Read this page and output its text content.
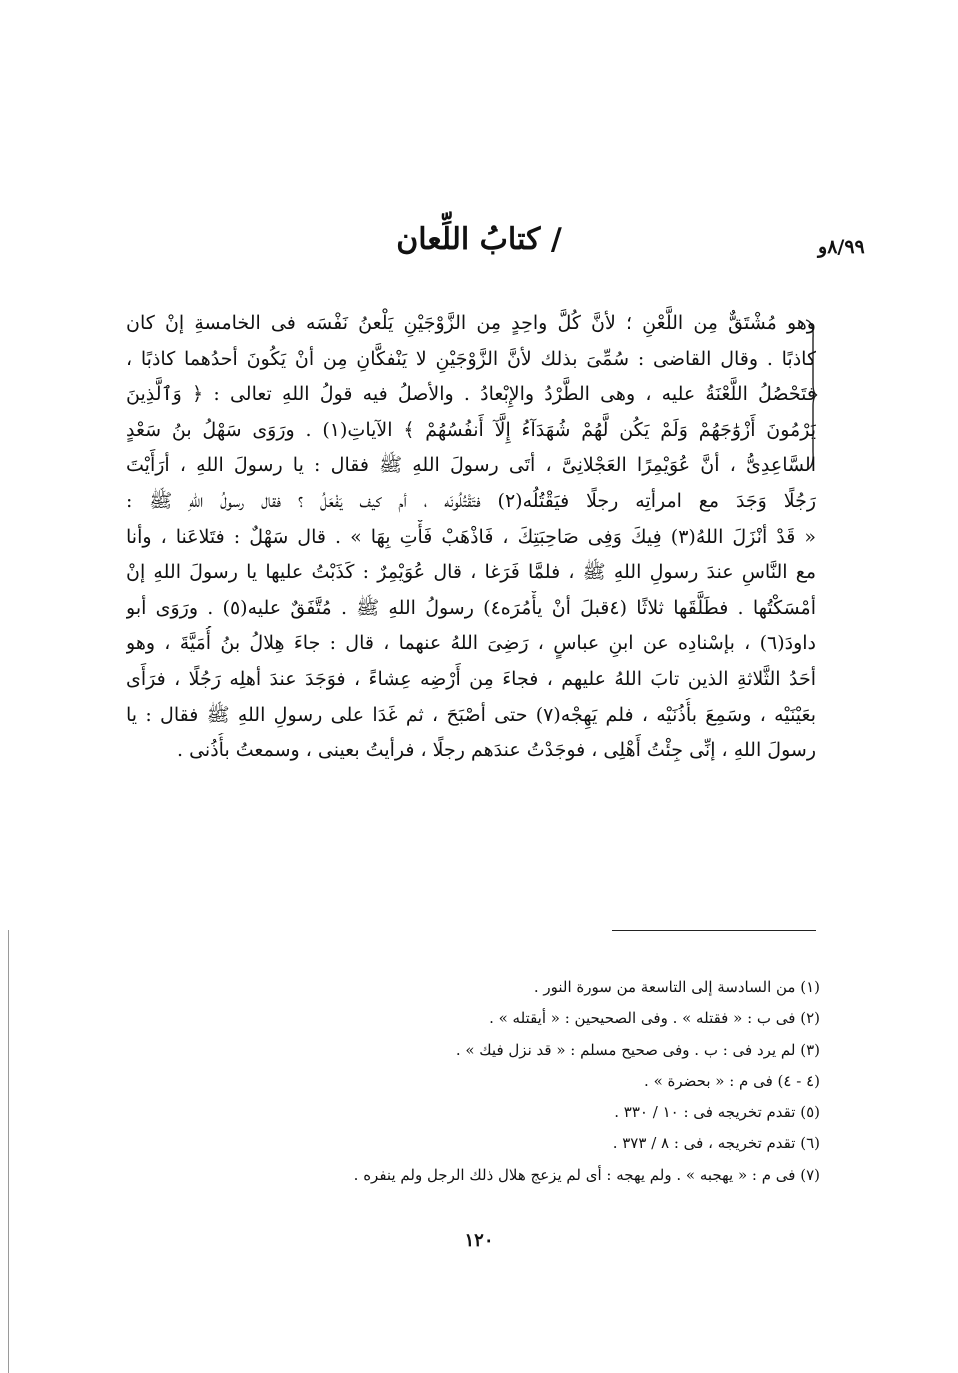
٨/٩٩و
/ كتابُ اللِّعان
وهو مُشْتَقٌّ مِن اللَّعْنِ ؛ لأنَّ كُلَّ واحِدٍ مِن الزَّوْجَيْنِ يَلْعنُ نَفْسَه فى الخامسةِ إنْ كان
كاذبًا . وقال القاضى : سُمِّىَ بذلك لأنَّ الزَّوْجَيْنِ لا يَنْفكَّانِ مِن أنْ يَكُونَ أحدُهما كاذبًا ،
فتَحْصُلُ اللَّعْنَةُ عليه ، وهى الطَّرْدُ والإِبْعادُ . والأصلُ فيه قولُ اللهِ تعالى : ﴿ وَٱلَّذِينَ
يَرْمُونَ أَزْوَٰجَهُمْ وَلَمْ يَكُن لَّهُمْ شُهَدَآءُ إِلَّآ أَنفُسُهُمْ ﴾ الآياتِ(١) . ورَوَى سَهْلُ بنُ سَعْدٍ
السَّاعِدِىُّ ، أنَّ عُوَيْمِرًا العَجْلانِىَّ ، أتَى رسولَ اللهِ ﷺ فقال : يا رسولَ اللهِ ، أرَأَيْتَ
رَجُلًا وَجَدَ مع امرأتِه رجلًا فيَقْتُلُه(٢) فتَقْتُلُونَه ، أم كيف يَفْعَلُ ؟ فقال رسولُ اللهِ ﷺ :
« قَدْ أنْزَلَ اللهُ(٣) فِيكَ وَفِى صَاحِبَتِكَ ، فَاذْهَبْ فَأْتِ بِهَا » . قال سَهْلٌ : فتَلاعَنا ، وأنا
مع النَّاسِ عندَ رسولِ اللهِ ﷺ ، فلمَّا فَرَغا ، قال عُوَيْمِرٌ : كَذَبْتُ عليها يا رسولَ اللهِ إنْ
أمْسَكْتُها . فطَلَّقَها ثلاثًا (٤قبلَ أنْ يأْمُرَه٤) رسولُ اللهِ ﷺ . مُتَّفَقٌ عليه(٥) . ورَوَى أبو
داودَ(٦) ، بإسْنادِه عن ابنِ عباسٍ ، رَضِىَ اللهُ عنهما ، قال : جاءَ هِلالُ بنُ أُمَيَّةَ ، وهو
أحَدُ الثَّلاثةِ الذين تابَ اللهُ عليهم ، فجاءَ مِن أَرْضِه عِشاءً ، فوَجَدَ عندَ أهلِه رَجُلًا ، فرَأَى
بعَيْنَيْه ، وسَمِعَ بأُذُنَيْه ، فلم يَهِجْه(٧) حتى أصْبَحَ ، ثم غَدَا على رسولِ اللهِ ﷺ فقال : يا
رسولَ اللهِ ، إنِّى جِئْتُ أَهْلِى ، فوجَدْتُ عندَهم رجلًا ، فرأيتُ بعينى ، وسمعتُ بأُذُنى .
(١) من السادسة إلى التاسعة من سورة النور .
(٢) فى ب : « فقتله » . وفى الصحيحين : « أيقتله » .
(٣) لم يرد فى : ب . وفى صحيح مسلم : « قد نزل فيك » .
(٤ - ٤) فى م : « بحضرة » .
(٥) تقدم تخريجه فى : ١٠ / ٣٣٠ .
(٦) تقدم تخريجه ، فى : ٨ / ٣٧٣ .
(٧) فى م : « يهجبه » . ولم يهجه : أى لم يزعج هلال ذلك الرجل ولم ينفره .
١٢٠
